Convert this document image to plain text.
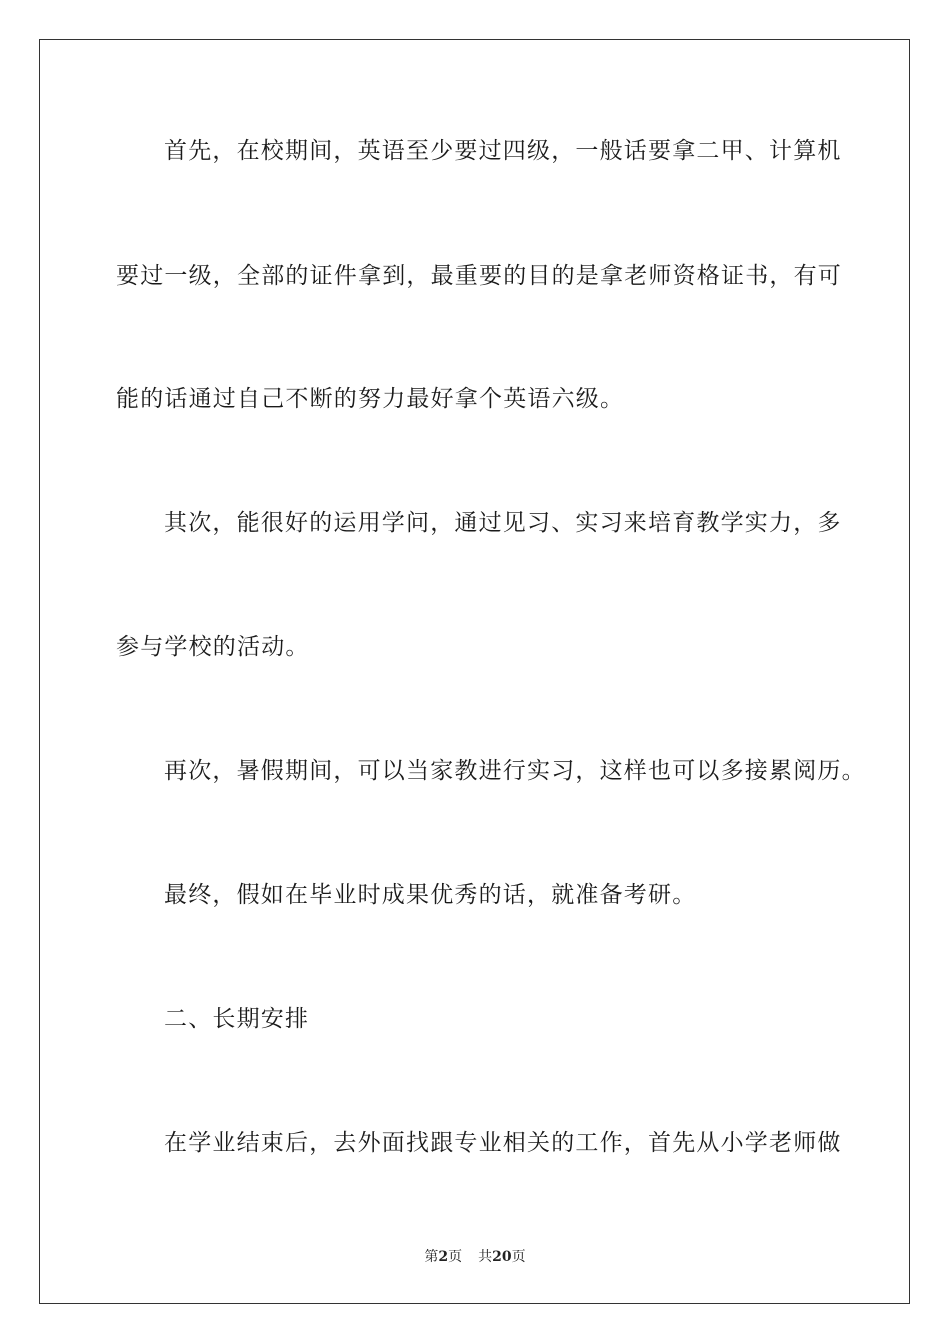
首先，在校期间，英语至少要过四级，一般话要拿二甲、计算机
要过一级，全部的证件拿到，最重要的目的是拿老师资格证书，有可
能的话通过自己不断的努力最好拿个英语六级。
其次，能很好的运用学问，通过见习、实习来培育教学实力，多
参与学校的活动。
再次，暑假期间，可以当家教进行实习，这样也可以多接累阅历。
最终，假如在毕业时成果优秀的话，就准备考研。
二、长期安排
在学业结束后，去外面找跟专业相关的工作，首先从小学老师做
第2页 共20页
